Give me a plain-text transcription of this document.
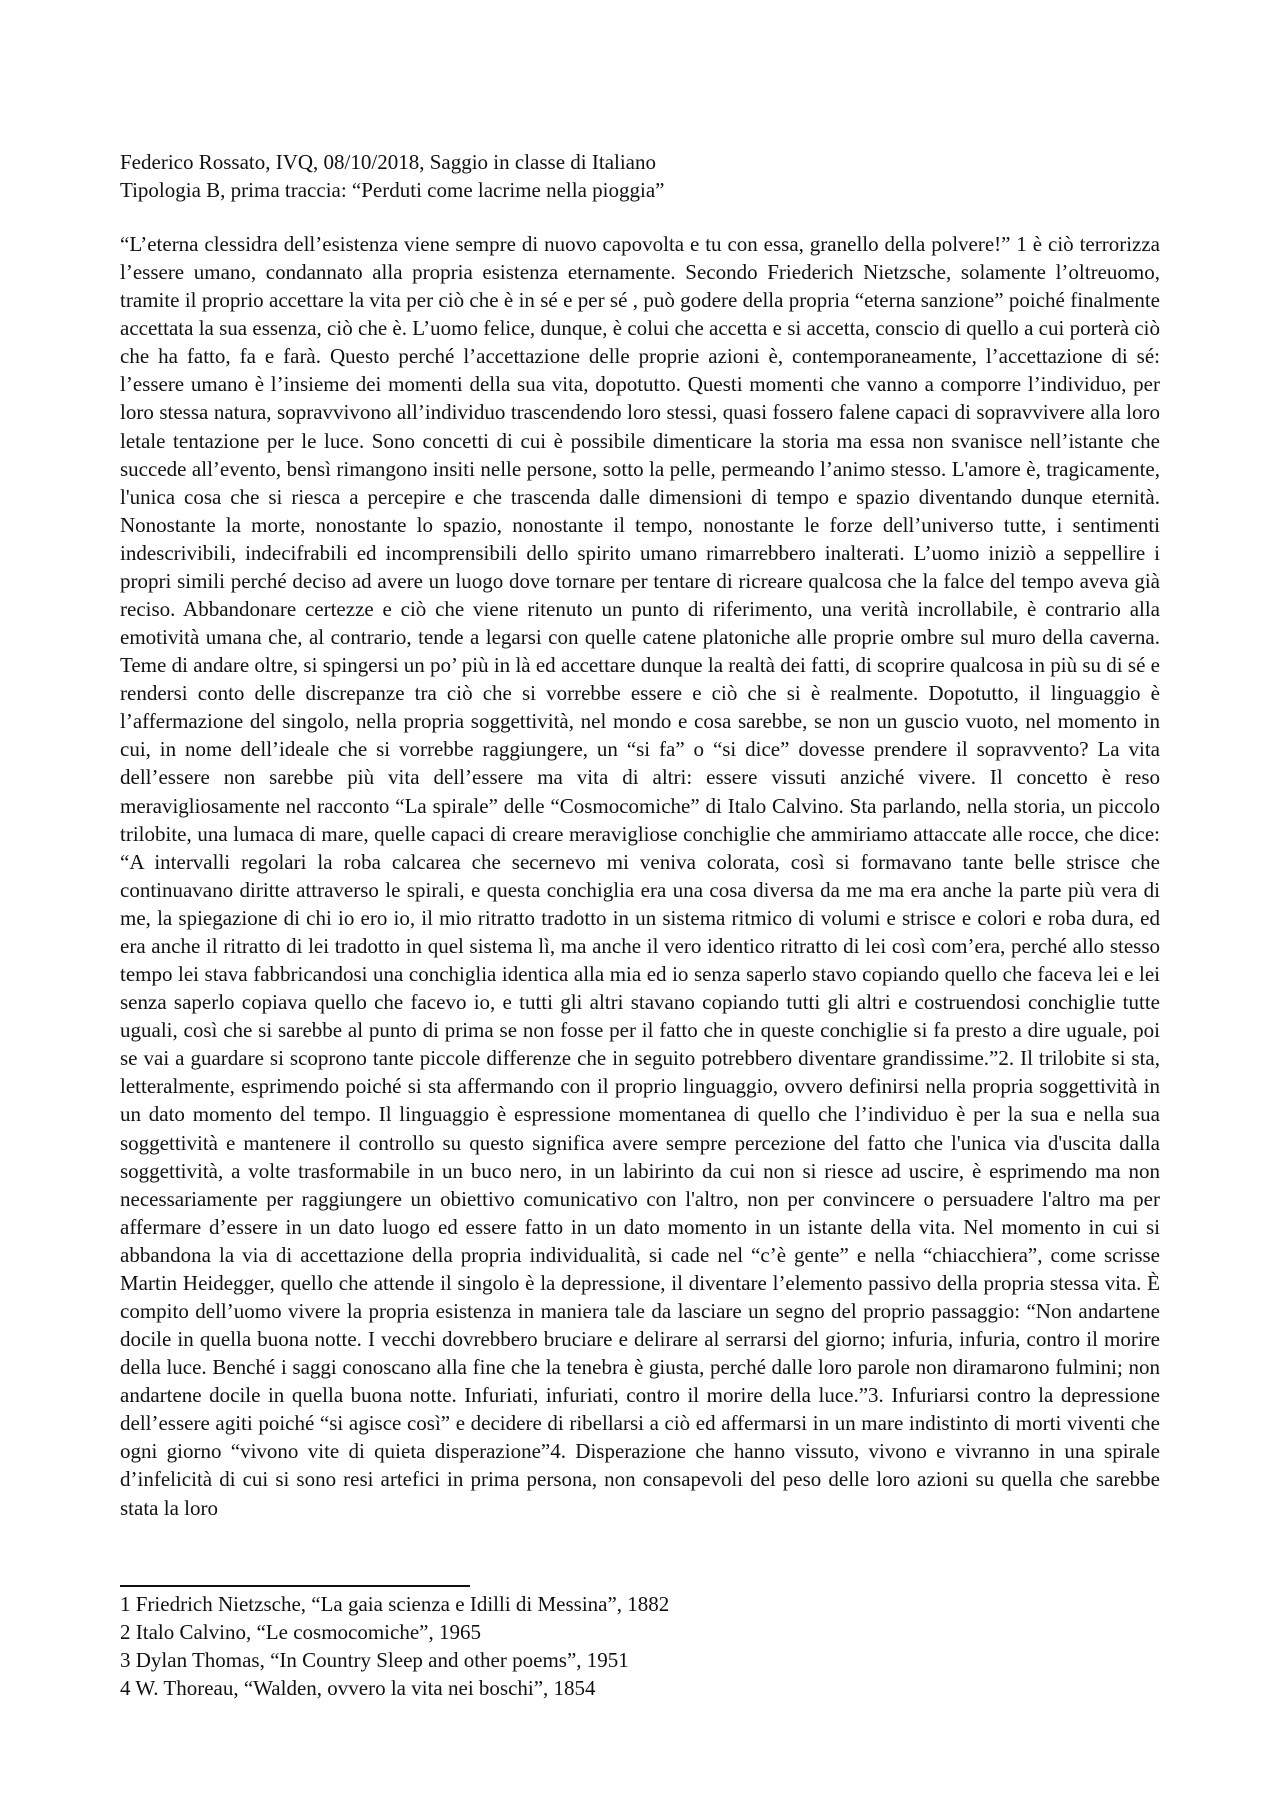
Federico Rossato, IVQ, 08/10/2018, Saggio in classe di Italiano
Tipologia B, prima traccia: “Perduti come lacrime nella pioggia”

“L’eterna clessidra dell’esistenza viene sempre di nuovo capovolta e tu con essa, granello della polvere!” 1 è ciò terrorizza l’essere umano, condannato alla propria esistenza eternamente. Secondo Friederich Nietzsche, solamente l’oltreuomo, tramite il proprio accettare la vita per ciò che è in sé e per sé , può godere della propria “eterna sanzione” poiché finalmente accettata la sua essenza, ciò che è. L’uomo felice, dunque, è colui che accetta e si accetta, conscio di quello a cui porterà ciò che ha fatto, fa e farà. Questo perché l’accettazione delle proprie azioni è, contemporaneamente, l’accettazione di sé: l’essere umano è l’insieme dei momenti della sua vita, dopotutto. Questi momenti che vanno a comporre l’individuo, per loro stessa natura, sopravvivono all’individuo trascendendo loro stessi, quasi fossero falene capaci di sopravvivere alla loro letale tentazione per le luce. Sono concetti di cui è possibile dimenticare la storia ma essa non svanisce nell’istante che succede all’evento, bensì rimangono insiti nelle persone, sotto la pelle, permeando l’animo stesso. L'amore è, tragicamente, l'unica cosa che si riesca a percepire e che trascenda dalle dimensioni di tempo e spazio diventando dunque eternità. Nonostante la morte, nonostante lo spazio, nonostante il tempo, nonostante le forze dell’universo tutte, i sentimenti indescrivibili, indecifrabili ed incomprensibili dello spirito umano rimarrebbero inalterati. L’uomo iniziò a seppellire i propri simili perché deciso ad avere un luogo dove tornare per tentare di ricreare qualcosa che la falce del tempo aveva già reciso. Abbandonare certezze e ciò che viene ritenuto un punto di riferimento, una verità incrollabile, è contrario alla emotività umana che, al contrario, tende a legarsi con quelle catene platoniche alle proprie ombre sul muro della caverna. Teme di andare oltre, si spingersi un po’ più in là ed accettare dunque la realtà dei fatti, di scoprire qualcosa in più su di sé e rendersi conto delle discrepanze tra ciò che si vorrebbe essere e ciò che si è realmente. Dopotutto, il linguaggio è l’affermazione del singolo, nella propria soggettività, nel mondo e cosa sarebbe, se non un guscio vuoto, nel momento in cui, in nome dell’ideale che si vorrebbe raggiungere, un “si fa” o “si dice” dovesse prendere il sopravvento? La vita dell’essere non sarebbe più vita dell’essere ma vita di altri: essere vissuti anziché vivere. Il concetto è reso meravigliosamente nel racconto “La spirale” delle “Cosmocomiche” di Italo Calvino. Sta parlando, nella storia, un piccolo trilobite, una lumaca di mare, quelle capaci di creare meravigliose conchiglie che ammiriamo attaccate alle rocce, che dice: “A intervalli regolari la roba calcarea che secernevo mi veniva colorata, così si formavano tante belle strisce che continuavano diritte attraverso le spirali, e questa conchiglia era una cosa diversa da me ma era anche la parte più vera di me, la spiegazione di chi io ero io, il mio ritratto tradotto in un sistema ritmico di volumi e strisce e colori e roba dura, ed era anche il ritratto di lei tradotto in quel sistema lì, ma anche il vero identico ritratto di lei così com’era, perché allo stesso tempo lei stava fabbricandosi una conchiglia identica alla mia ed io senza saperlo stavo copiando quello che faceva lei e lei senza saperlo copiava quello che facevo io, e tutti gli altri stavano copiando tutti gli altri e costruendosi conchiglie tutte uguali, così che si sarebbe al punto di prima se non fosse per il fatto che in queste conchiglie si fa presto a dire uguale, poi se vai a guardare si scoprono tante piccole differenze che in seguito potrebbero diventare grandissime.”2. Il trilobite si sta, letteralmente, esprimendo poiché si sta affermando con il proprio linguaggio, ovvero definirsi nella propria soggettività in un dato momento del tempo. Il linguaggio è espressione momentanea di quello che l’individuo è per la sua e nella sua soggettività e mantenere il controllo su questo significa avere sempre percezione del fatto che l'unica via d'uscita dalla soggettività, a volte trasformabile in un buco nero, in un labirinto da cui non si riesce ad uscire, è esprimendo ma non necessariamente per raggiungere un obiettivo comunicativo con l'altro, non per convincere o persuadere l'altro ma per affermare d’essere in un dato luogo ed essere fatto in un dato momento in un istante della vita. Nel momento in cui si abbandona la via di accettazione della propria individualità, si cade nel “c’è gente” e nella “chiacchiera”, come scrisse Martin Heidegger, quello che attende il singolo è la depressione, il diventare l’elemento passivo della propria stessa vita. È compito dell’uomo vivere la propria esistenza in maniera tale da lasciare un segno del proprio passaggio: “Non andartene docile in quella buona notte. I vecchi dovrebbero bruciare e delirare al serrarsi del giorno; infuria, infuria, contro il morire della luce. Benché i saggi conoscano alla fine che la tenebra è giusta, perché dalle loro parole non diramarono fulmini; non andartene docile in quella buona notte. Infuriati, infuriati, contro il morire della luce.”3. Infuriarsi contro la depressione dell’essere agiti poiché “si agisce così” e decidere di ribellarsi a ciò ed affermarsi in un mare indistinto di morti viventi che ogni giorno “vivono vite di quieta disperazione”4. Disperazione che hanno vissuto, vivono e vivranno in una spirale d’infelicità di cui si sono resi artefici in prima persona, non consapevoli del peso delle loro azioni su quella che sarebbe stata la loro

1 Friedrich Nietzsche, “La gaia scienza e Idilli di Messina”, 1882
2 Italo Calvino, “Le cosmocomiche”, 1965
3 Dylan Thomas, “In Country Sleep and other poems”, 1951
4 W. Thoreau, “Walden, ovvero la vita nei boschi”, 1854
